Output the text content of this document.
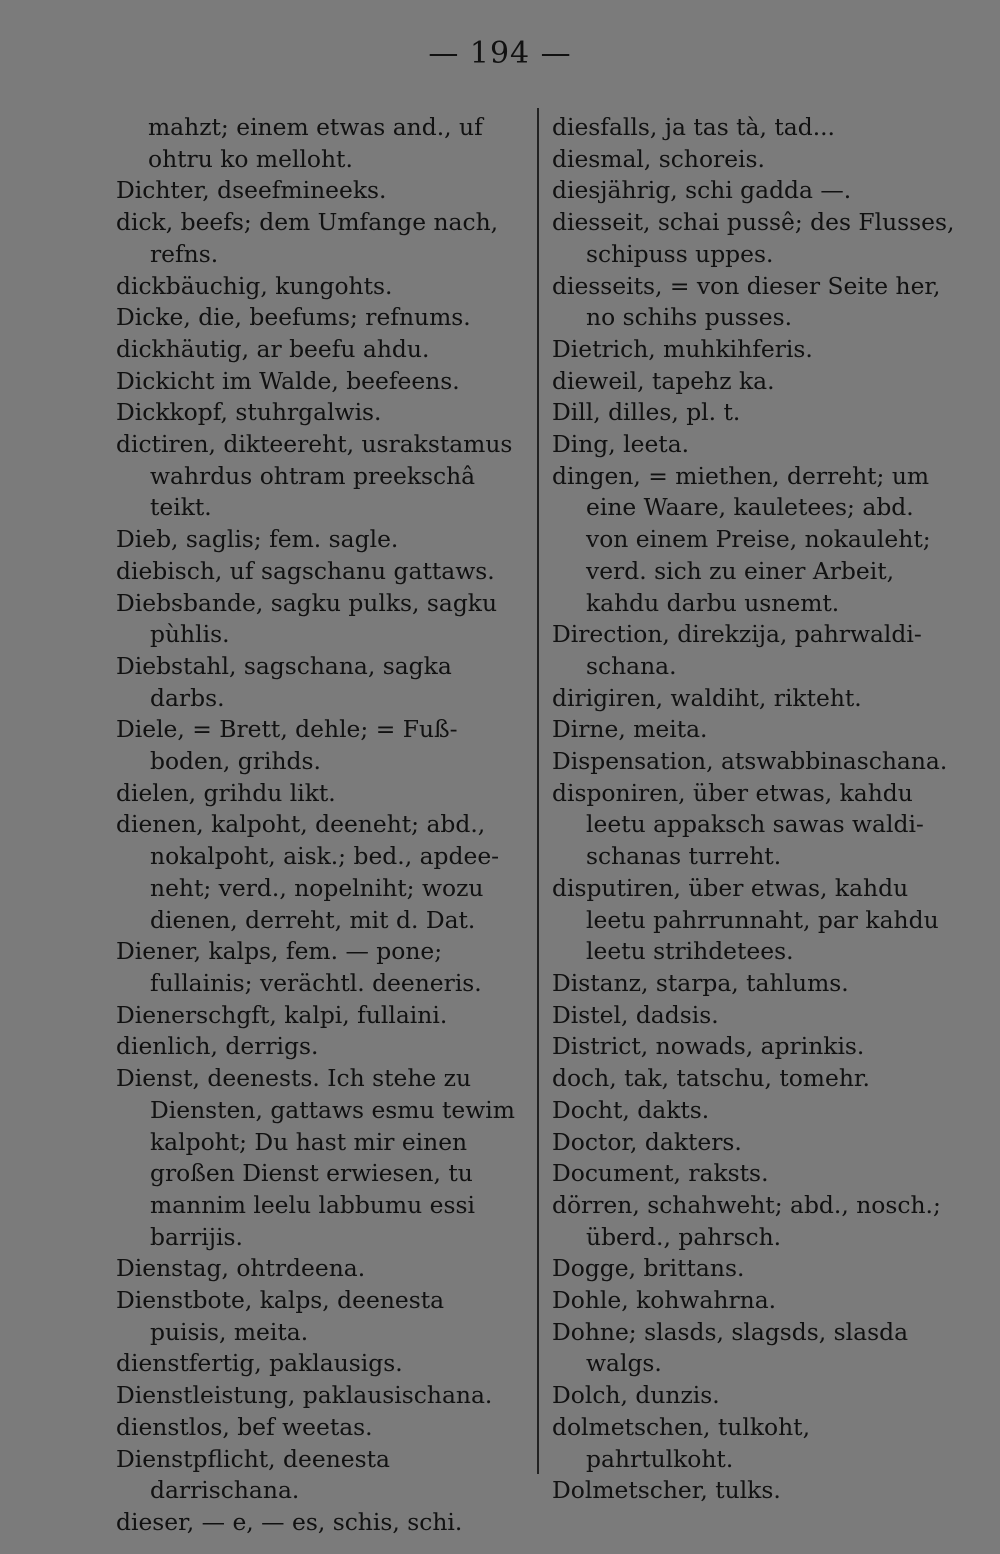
— 194 —
mahzt; einem etwas and., uf ohtru ko melloht.
Dichter, dseefmineeks.
dick, beefs; dem Umfange nach, refns.
dickbäuchig, kungohts.
Dicke, die, beefums; refnums.
dickhäutig, ar beefu ahdu.
Dickicht im Walde, beefeens.
Dickkopf, stuhrgalwis.
dictiren, dikteereht, usrakstamus wahrdus ohtram preekschâ teikt.
Dieb, saglis; fem. sagle.
diebisch, uf sagschanu gattaws.
Diebsbande, sagku pulks, sagku pùhlis.
Diebstahl, sagschana, sagka darbs.
Diele, = Brett, dehle; = Fuß-boden, grihds.
dielen, grihdu likt.
dienen, kalpoht, deeneht; abd., nokalpoht, aisk.; bed., apdee-neht; verd., nopelniht; wozu dienen, derreht, mit d. Dat.
Diener, kalps, fem. — pone; fullainis; verächtl. deeneris.
Dienerschgft, kalpi, fullaini.
dienlich, derrigs.
Dienst, deenests. Ich stehe zu Diensten, gattaws esmu tewim kalpoht; Du hast mir einen großen Dienst erwiesen, tu mannim leelu labbumu essi barrijis.
Dienstag, ohtrdeena.
Dienstbote, kalps, deenesta puisis, meita.
dienstfertig, paklausigs.
Dienstleistung, paklausischana.
dienstlos, bef weetas.
Dienstpflicht, deenesta darrischana.
dieser, — e, — es, schis, schi.
diesfalls, ja tas tà, tad...
diesmal, schoreis.
diesjährig, schi gadda —.
diesseit, schai pussê; des Flusses, schipuss uppes.
diesseits, = von dieser Seite her, no schihs pusses.
Dietrich, muhkihferis.
dieweil, tapehz ka.
Dill, dilles, pl. t.
Ding, leeta.
dingen, = miethen, derreht; um eine Waare, kauletees; abd. von einem Preise, nokauleht; verd. sich zu einer Arbeit, kahdu darbu usnemt.
Direction, direkzija, pahrwaldi-schana.
dirigiren, waldiht, rikteht.
Dirne, meita.
Dispensation, atswabbinaschana.
disponiren, über etwas, kahdu leetu appaksch sawas waldi-schanas turreht.
disputiren, über etwas, kahdu leetu pahrrunnaht, par kahdu leetu strihdetees.
Distanz, starpa, tahlums.
Distel, dadsis.
District, nowads, aprinkis.
doch, tak, tatschu, tomehr.
Docht, dakts.
Doctor, dakters.
Document, raksts.
dörren, schahweht; abd., nosch.; überd., pahrsch.
Dogge, brittans.
Dohle, kohwahrna.
Dohne; slasds, slagsds, slasda walgs.
Dolch, dunzis.
dolmetschen, tulkoht, pahrtulkoht.
Dolmetscher, tulks.
